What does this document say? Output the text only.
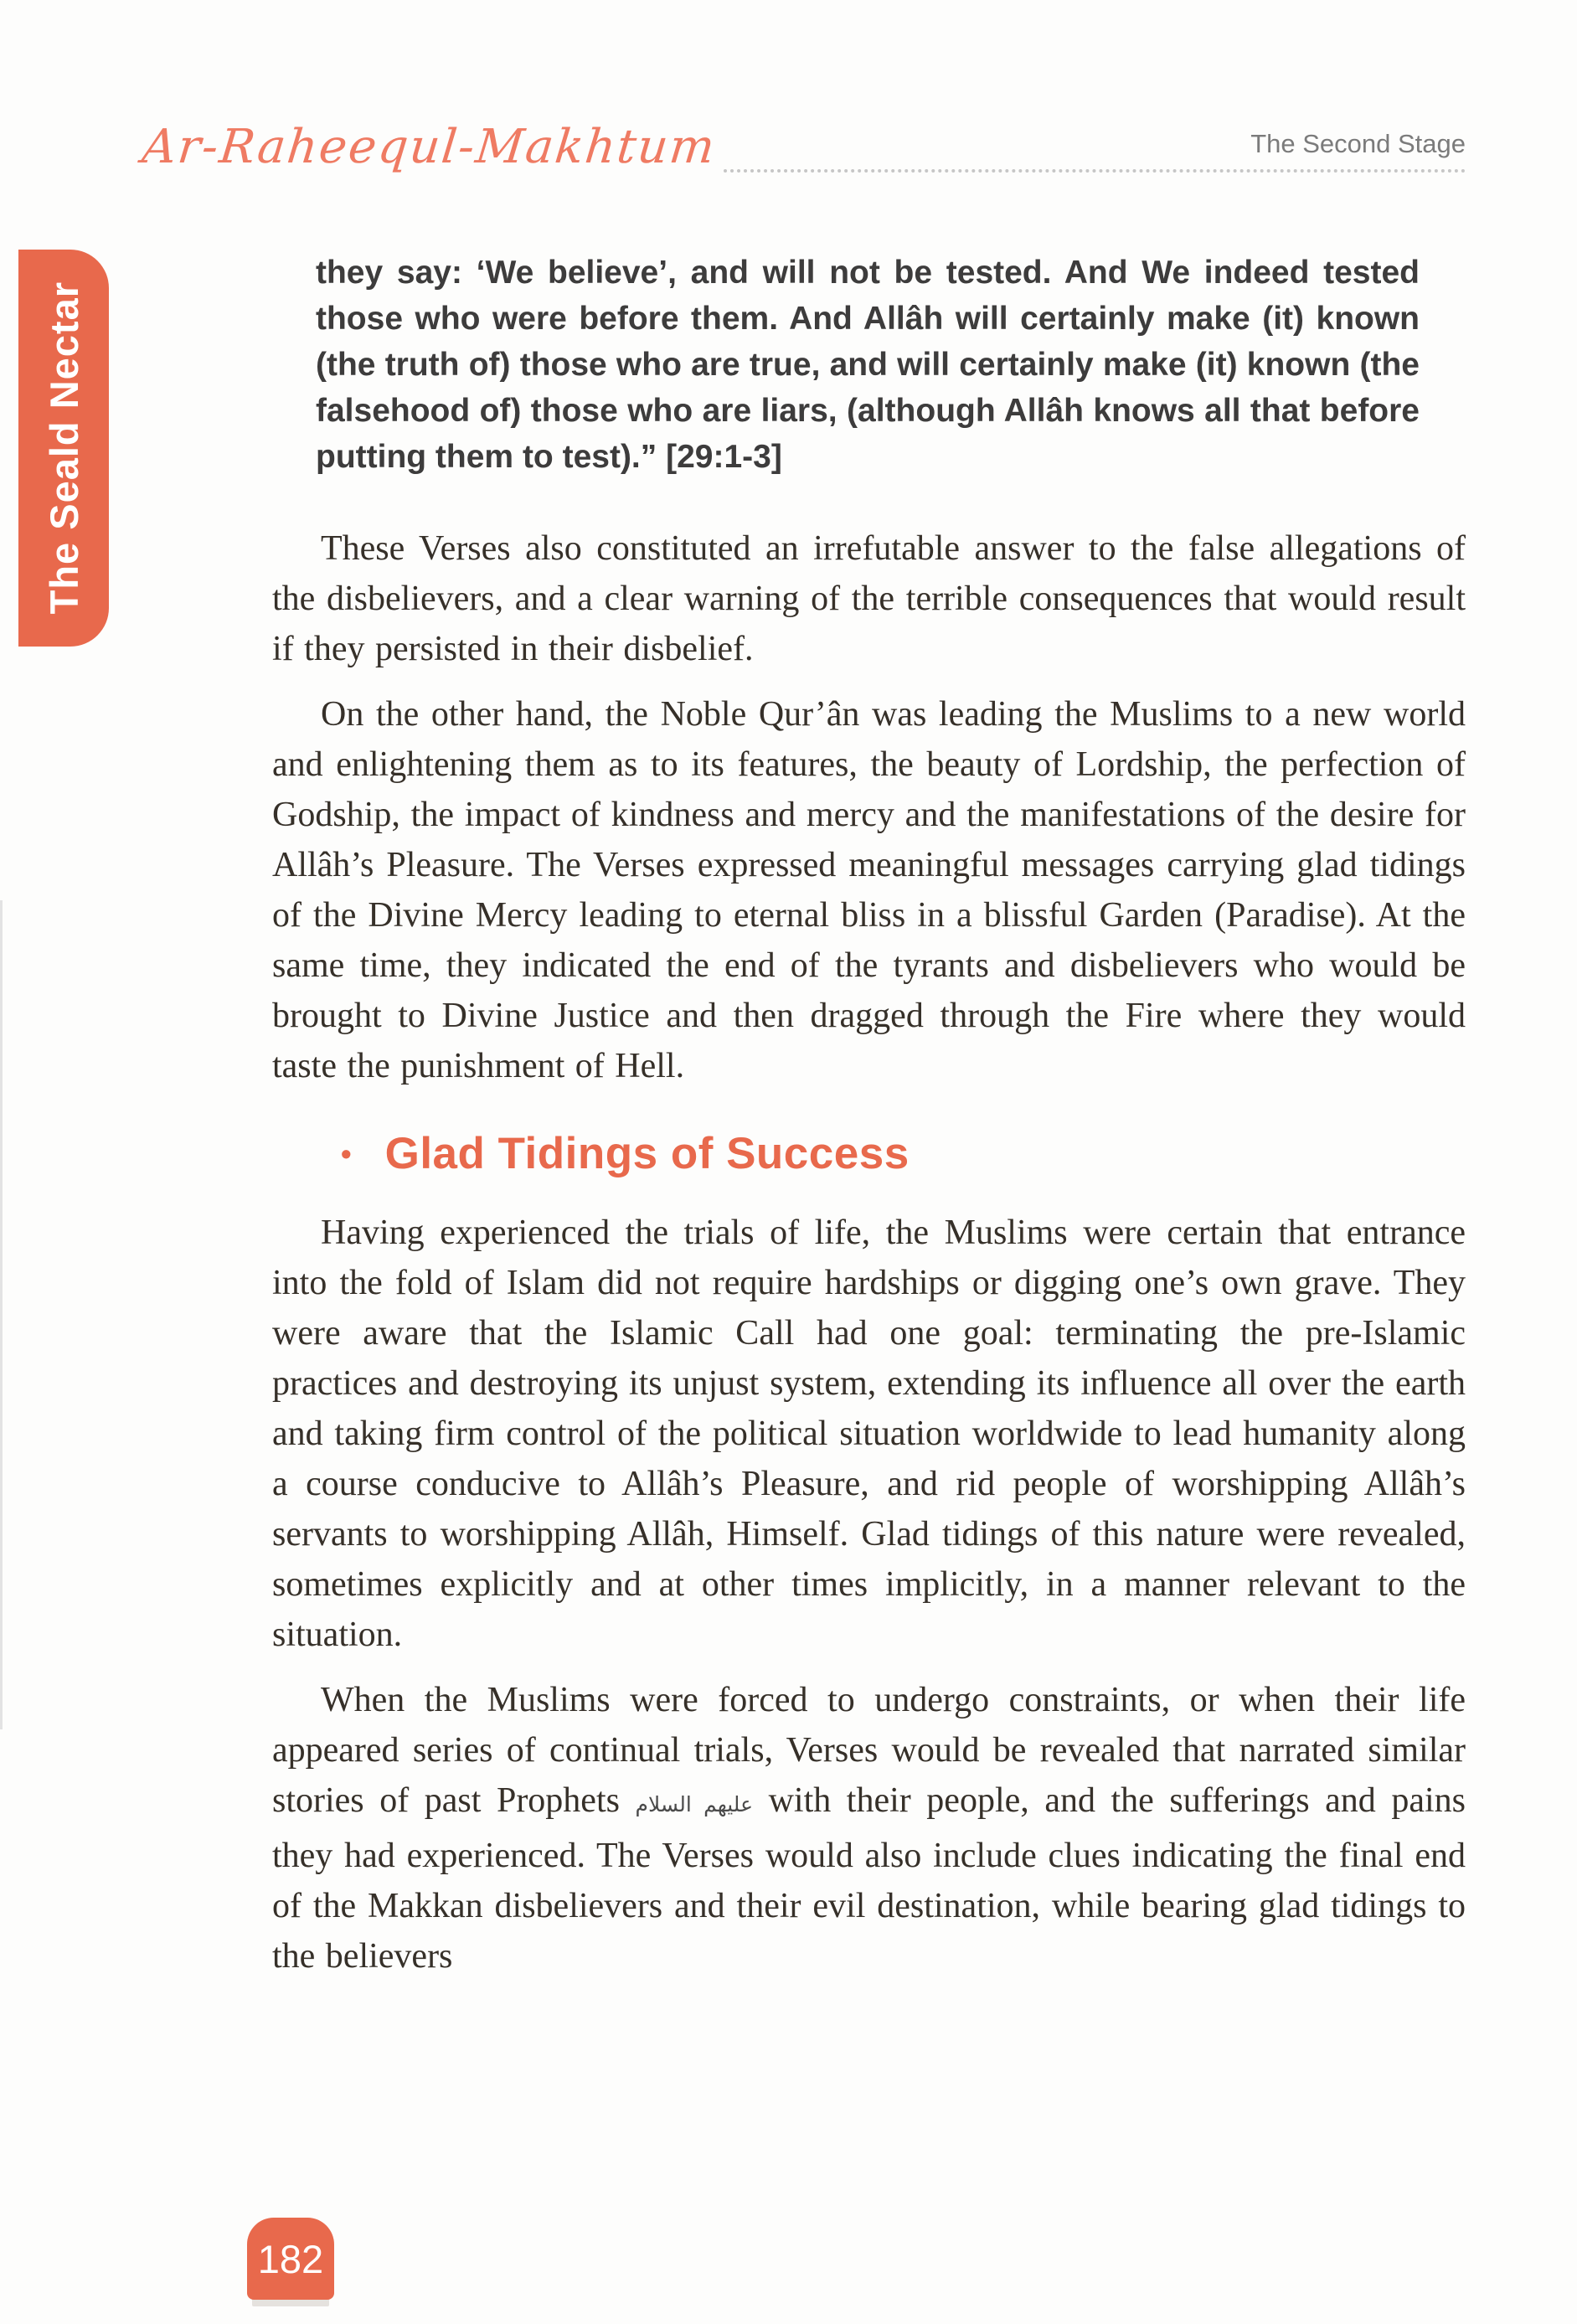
The Seald Nectar
Ar-Raheequl-Makhtum	The Second Stage

they say: ‘We believe’, and will not be tested. And We indeed tested those who were before them. And Allâh will certainly make (it) known (the truth of) those who are true, and will certainly make (it) known (the falsehood of) those who are liars, (although Allâh knows all that before putting them to test).” [29:1-3]

These Verses also constituted an irrefutable answer to the false allegations of the disbelievers, and a clear warning of the terrible consequences that would result if they persisted in their disbelief.

On the other hand, the Noble Qur’ân was leading the Muslims to a new world and enlightening them as to its features, the beauty of Lordship, the perfection of Godship, the impact of kindness and mercy and the manifestations of the desire for Allâh’s Pleasure. The Verses expressed meaningful messages carrying glad tidings of the Divine Mercy leading to eternal bliss in a blissful Garden (Paradise). At the same time, they indicated the end of the tyrants and disbelievers who would be brought to Divine Justice and then dragged through the Fire where they would taste the punishment of Hell.

• Glad Tidings of Success

Having experienced the trials of life, the Muslims were certain that entrance into the fold of Islam did not require hardships or digging one’s own grave. They were aware that the Islamic Call had one goal: terminating the pre-Islamic practices and destroying its unjust system, extending its influence all over the earth and taking firm control of the political situation worldwide to lead humanity along a course conducive to Allâh’s Pleasure, and rid people of worshipping Allâh’s servants to worshipping Allâh, Himself. Glad tidings of this nature were revealed, sometimes explicitly and at other times implicitly, in a manner relevant to the situation.

When the Muslims were forced to undergo constraints, or when their life appeared series of continual trials, Verses would be revealed that narrated similar stories of past Prophets عليهم السلام with their people, and the sufferings and pains they had experienced. The Verses would also include clues indicating the final end of the Makkan disbelievers and their evil destination, while bearing glad tidings to the believers

182
